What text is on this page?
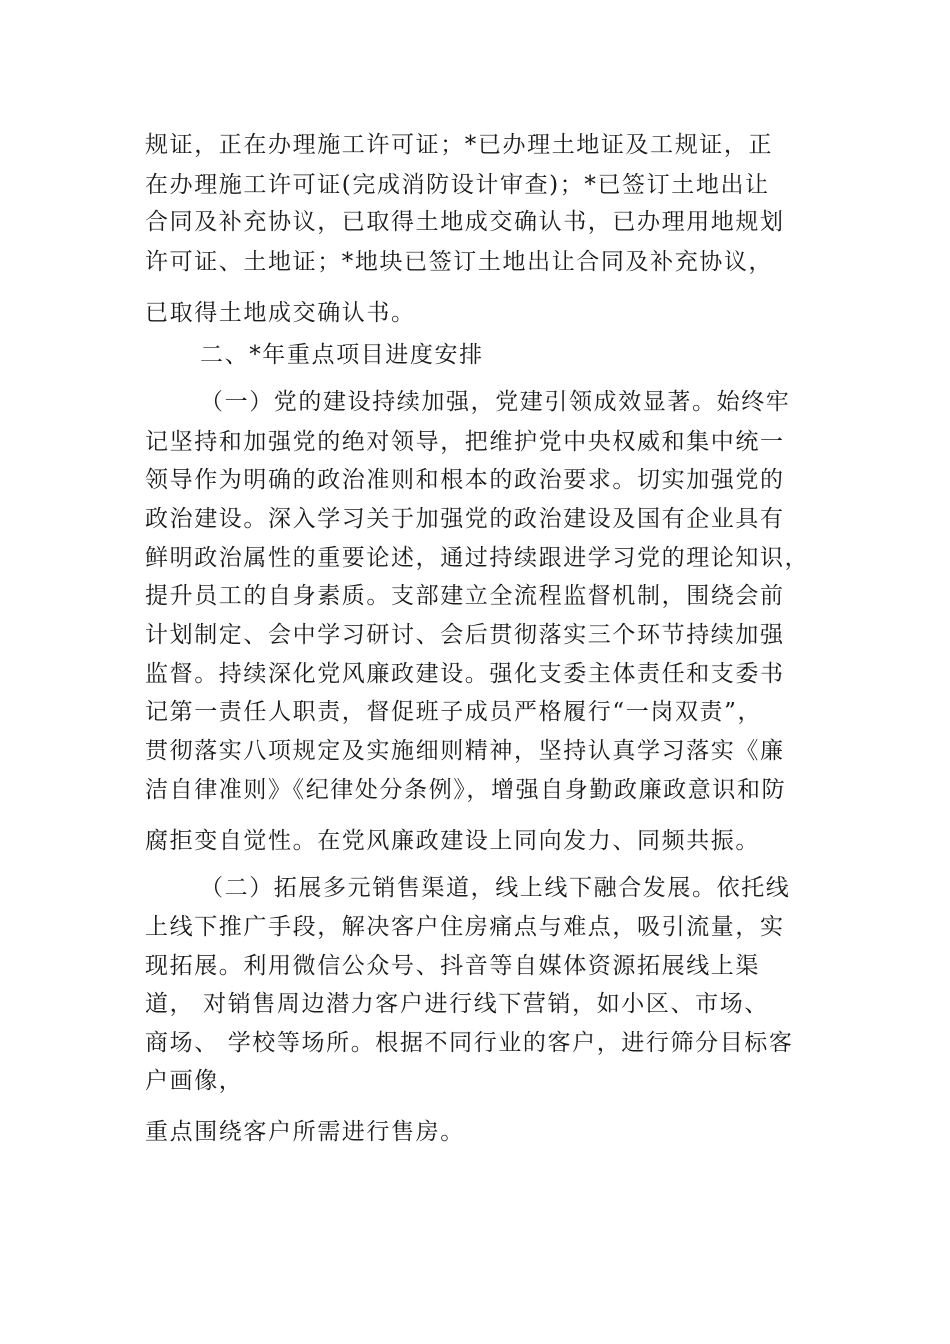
规证，正在办理施工许可证；*已办理土地证及工规证，正
在办理施工许可证(完成消防设计审查)；*已签订土地出让
合同及补充协议，已取得土地成交确认书，已办理用地规划
许可证、土地证；*地块已签订土地出让合同及补充协议，
已取得土地成交确认书。
二、*年重点项目进度安排
（一）党的建设持续加强，党建引领成效显著。始终牢
记坚持和加强党的绝对领导，把维护党中央权威和集中统一
领导作为明确的政治准则和根本的政治要求。切实加强党的
政治建设。深入学习关于加强党的政治建设及国有企业具有
鲜明政治属性的重要论述，通过持续跟进学习党的理论知识，
提升员工的自身素质。支部建立全流程监督机制，围绕会前
计划制定、会中学习研讨、会后贯彻落实三个环节持续加强
监督。持续深化党风廉政建设。强化支委主体责任和支委书
记第一责任人职责，督促班子成员严格履行“一岗双责”，
贯彻落实八项规定及实施细则精神，坚持认真学习落实《廉
洁自律准则》《纪律处分条例》，增强自身勤政廉政意识和防
腐拒变自觉性。在党风廉政建设上同向发力、同频共振。
（二）拓展多元销售渠道，线上线下融合发展。依托线
上线下推广手段，解决客户住房痛点与难点，吸引流量，实
现拓展。利用微信公众号、抖音等自媒体资源拓展线上渠
道， 对销售周边潜力客户进行线下营销，如小区、市场、
商场、 学校等场所。根据不同行业的客户，进行筛分目标客
户画像，
重点围绕客户所需进行售房。
